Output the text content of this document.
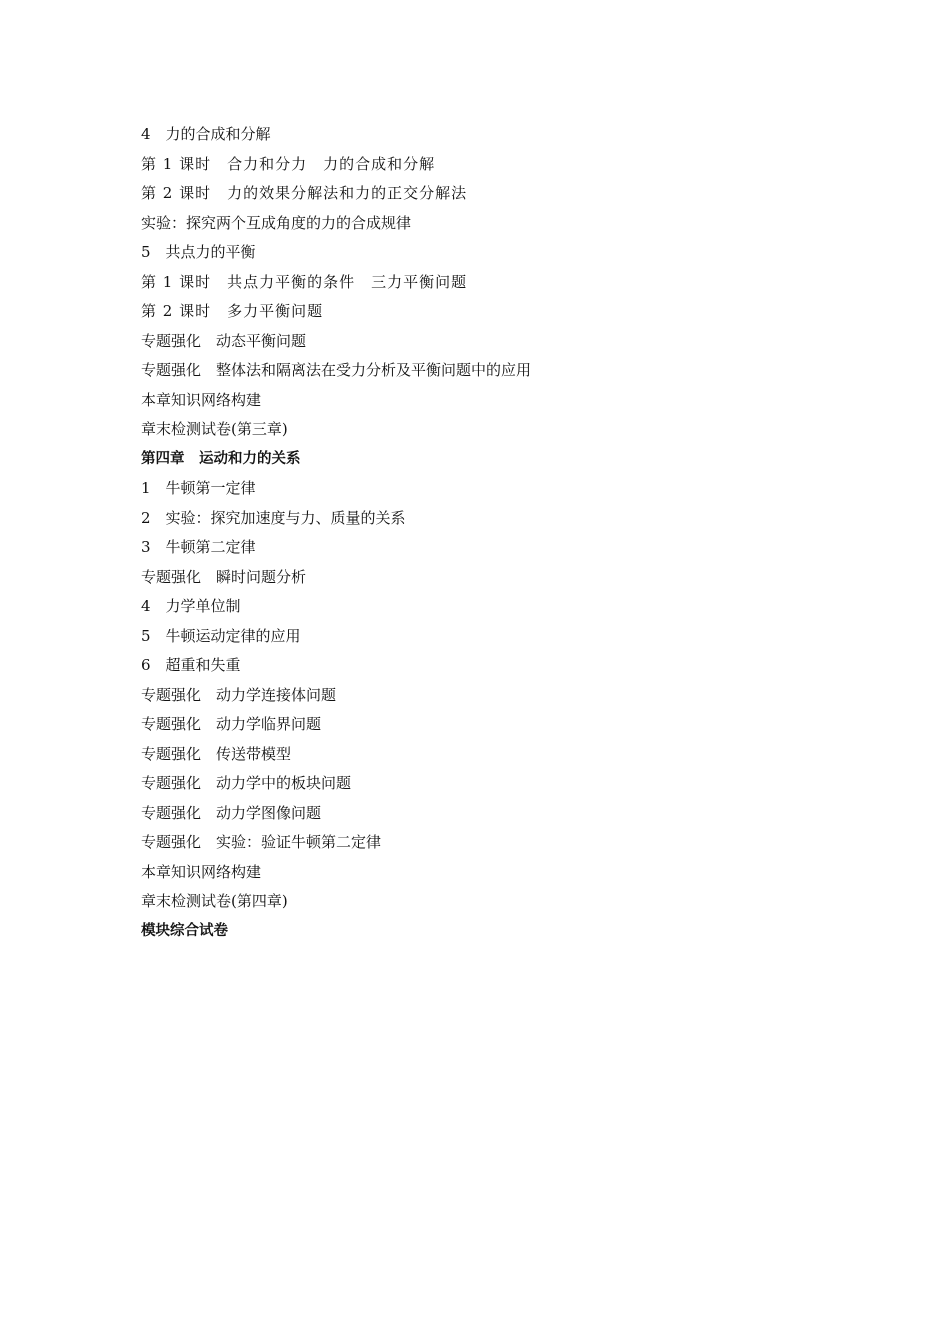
4　力的合成和分解
第 1 课时　合力和分力　力的合成和分解
第 2 课时　力的效果分解法和力的正交分解法
实验：探究两个互成角度的力的合成规律
5　共点力的平衡
第 1 课时　共点力平衡的条件　三力平衡问题
第 2 课时　多力平衡问题
专题强化　动态平衡问题
专题强化　整体法和隔离法在受力分析及平衡问题中的应用
本章知识网络构建
章末检测试卷(第三章)
第四章　运动和力的关系
1　牛顿第一定律
2　实验：探究加速度与力、质量的关系
3　牛顿第二定律
专题强化　瞬时问题分析
4　力学单位制
5　牛顿运动定律的应用
6　超重和失重
专题强化　动力学连接体问题
专题强化　动力学临界问题
专题强化　传送带模型
专题强化　动力学中的板块问题
专题强化　动力学图像问题
专题强化　实验：验证牛顿第二定律
本章知识网络构建
章末检测试卷(第四章)
模块综合试卷
